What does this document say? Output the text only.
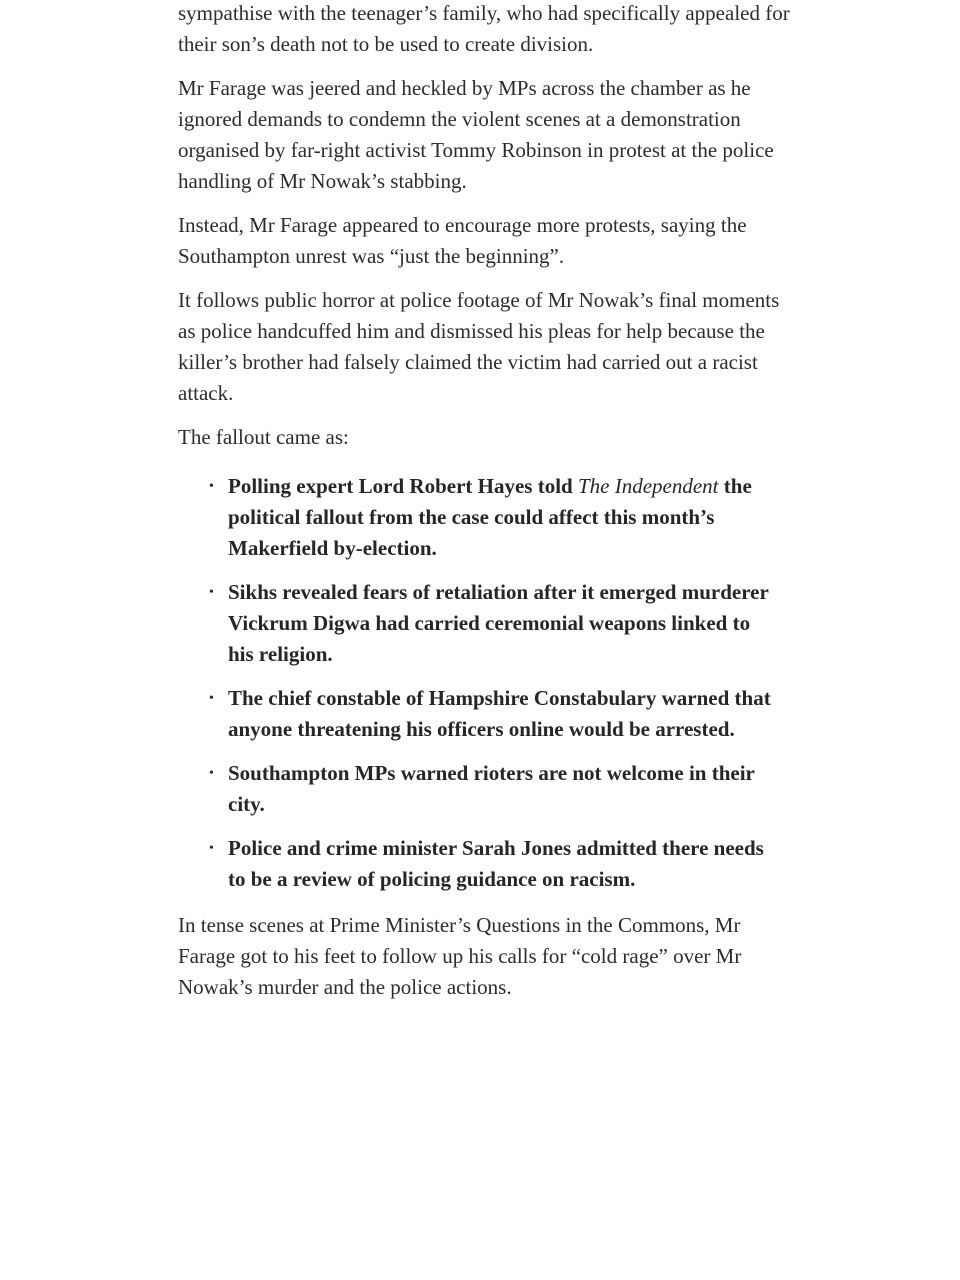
sympathise with the teenager’s family, who had specifically appealed for their son’s death not to be used to create division.

Mr Farage was jeered and heckled by MPs across the chamber as he ignored demands to condemn the violent scenes at a demonstration organised by far-right activist Tommy Robinson in protest at the police handling of Mr Nowak’s stabbing.

Instead, Mr Farage appeared to encourage more protests, saying the Southampton unrest was “just the beginning”.

It follows public horror at police footage of Mr Nowak’s final moments as police handcuffed him and dismissed his pleas for help because the killer’s brother had falsely claimed the victim had carried out a racist attack.

The fallout came as:

• Polling expert Lord Robert Hayes told The Independent the political fallout from the case could affect this month’s Makerfield by-election.
• Sikhs revealed fears of retaliation after it emerged murderer Vickrum Digwa had carried ceremonial weapons linked to his religion.
• The chief constable of Hampshire Constabulary warned that anyone threatening his officers online would be arrested.
• Southampton MPs warned rioters are not welcome in their city.
• Police and crime minister Sarah Jones admitted there needs to be a review of policing guidance on racism.

In tense scenes at Prime Minister’s Questions in the Commons, Mr Farage got to his feet to follow up his calls for “cold rage” over Mr Nowak’s murder and the police actions.
